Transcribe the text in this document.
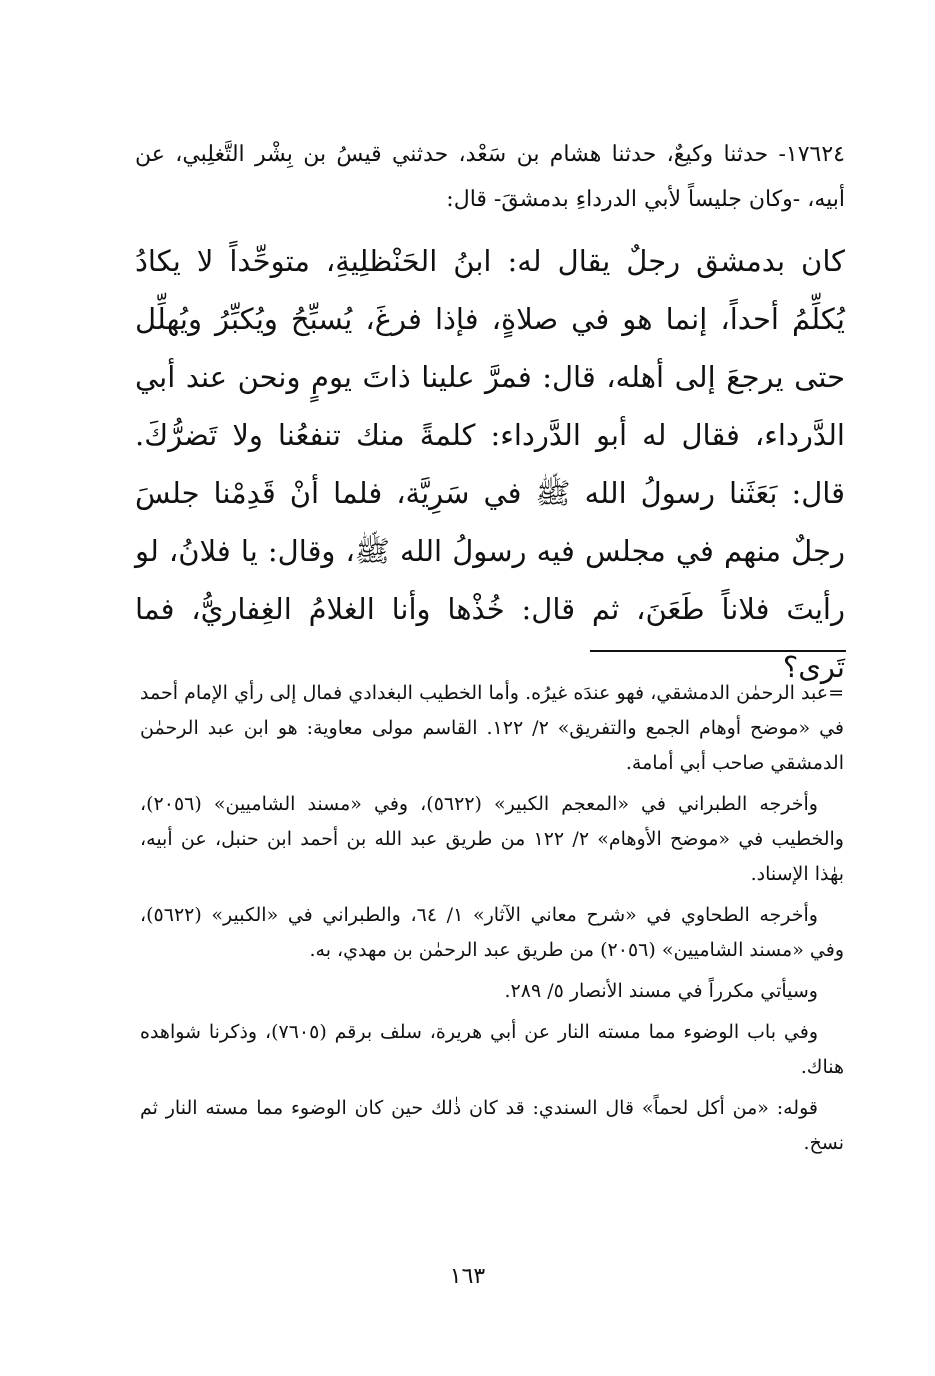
١٧٦٢٤- حدثنا وكيعٌ، حدثنا هشام بن سَعْد، حدثني قيسُ بن بِشْر التَّغلِبي، عن أبيه، -وكان جليساً لأبي الدرداءِ بدمشقَ- قال:

كان بدمشق رجلٌ يقال له: ابنُ الحَنْظلِيةِ، متوحِّداً لا يكادُ يُكلِّمُ أحداً، إنما هو في صلاةٍ، فإذا فرغَ، يُسبِّحُ ويُكبِّرُ ويُهلِّل حتى يرجعَ إلى أهله، قال: فمرَّ علينا ذاتَ يومٍ ونحن عند أبي الدَّرداء، فقال له أبو الدَّرداء: كلمةً منك تنفعُنا ولا تَضرُّكَ. قال: بَعَثَنا رسولُ الله ﷺ في سَرِيَّة، فلما أنْ قَدِمْنا جلسَ رجلٌ منهم في مجلس فيه رسولُ الله ﷺ، وقال: يا فلانُ، لو رأيتَ فلاناً طَعَنَ، ثم قال: خُذْها وأنا الغلامُ الغِفاريُّ، فما تَرى؟

=عبد الرحمٰن الدمشقي، فهو عندَه غيرُه. وأما الخطيب البغدادي فمال إلى رأي الإمام أحمد في «موضح أوهام الجمع والتفريق» ٢/ ١٢٢. القاسم مولى معاوية: هو ابن عبد الرحمٰن الدمشقي صاحب أبي أمامة.

وأخرجه الطبراني في «المعجم الكبير» (٥٦٢٢)، وفي «مسند الشاميين» (٢٠٥٦)، والخطيب في «موضح الأوهام» ٢/ ١٢٢ من طريق عبد الله بن أحمد ابن حنبل، عن أبيه، بهٰذا الإسناد.

وأخرجه الطحاوي في «شرح معاني الآثار» ١/ ٦٤، والطبراني في «الكبير» (٥٦٢٢)، وفي «مسند الشاميين» (٢٠٥٦) من طريق عبد الرحمٰن بن مهدي، به.

وسيأتي مكرراً في مسند الأنصار ٥/ ٢٨٩.

وفي باب الوضوء مما مسته النار عن أبي هريرة، سلف برقم (٧٦٠٥)، وذكرنا شواهده هناك.

قوله: «من أكل لحماً» قال السندي: قد كان ذٰلك حين كان الوضوء مما مسته النار ثم نسخ.

١٦٣
